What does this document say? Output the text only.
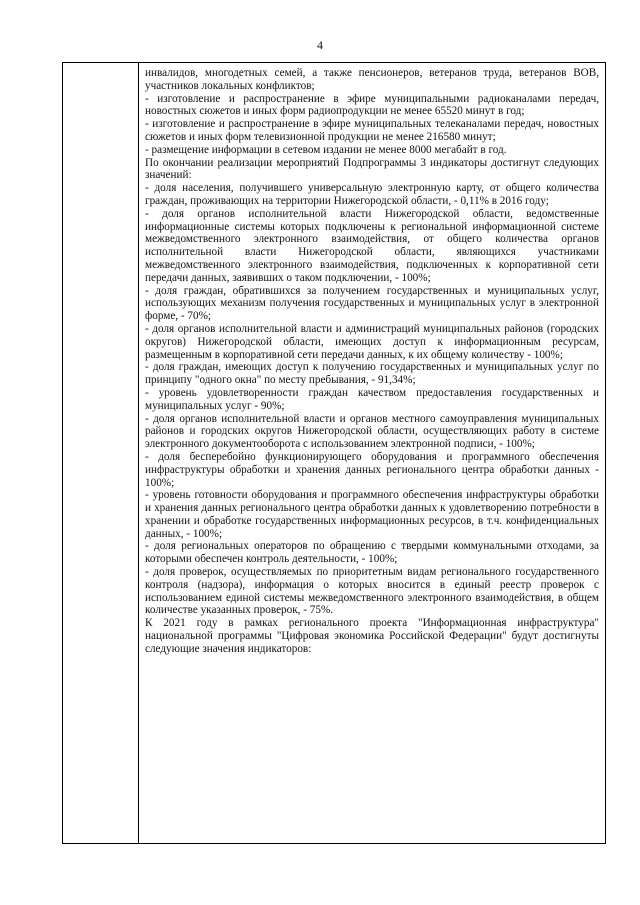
4

инвалидов, многодетных семей, а также пенсионеров, ветеранов труда, ветеранов ВОВ, участников локальных конфликтов;

- изготовление и распространение в эфире муниципальными радиоканалами передач, новостных сюжетов и иных форм радиопродукции не менее 65520 минут в год;

- изготовление и распространение в эфире муниципальных телеканалами передач, новостных сюжетов и иных форм телевизионной продукции не менее 216580 минут;

- размещение информации в сетевом издании не менее 8000 мегабайт в год.

По окончании реализации мероприятий Подпрограммы 3 индикаторы достигнут следующих значений:

- доля населения, получившего универсальную электронную карту, от общего количества граждан, проживающих на территории Нижегородской области, - 0,11% в 2016 году;

- доля органов исполнительной власти Нижегородской области, ведомственные информационные системы которых подключены к региональной информационной системе межведомственного электронного взаимодействия, от общего количества органов исполнительной власти Нижегородской области, являющихся участниками межведомственного электронного взаимодействия, подключенных к корпоративной сети передачи данных, заявивших о таком подключении, - 100%;

- доля граждан, обратившихся за получением государственных и муниципальных услуг, использующих механизм получения государственных и муниципальных услуг в электронной форме, - 70%;

- доля органов исполнительной власти и администраций муниципальных районов (городских округов) Нижегородской области, имеющих доступ к информационным ресурсам, размещенным в корпоративной сети передачи данных, к их общему количеству - 100%;

- доля граждан, имеющих доступ к получению государственных и муниципальных услуг по принципу "одного окна" по месту пребывания, - 91,34%;

- уровень удовлетворенности граждан качеством предоставления государственных и муниципальных услуг - 90%;

- доля органов исполнительной власти и органов местного самоуправления муниципальных районов и городских округов Нижегородской области, осуществляющих работу в системе электронного документооборота с использованием электронной подписи, - 100%;

- доля бесперебойно функционирующего оборудования и программного обеспечения инфраструктуры обработки и хранения данных регионального центра обработки данных - 100%;

- уровень готовности оборудования и программного обеспечения инфраструктуры обработки и хранения данных регионального центра обработки данных к удовлетворению потребности в хранении и обработке государственных информационных ресурсов, в т.ч. конфиденциальных данных, - 100%;

- доля региональных операторов по обращению с твердыми коммунальными отходами, за которыми обеспечен контроль деятельности, - 100%;

- доля проверок, осуществляемых по приоритетным видам регионального государственного контроля (надзора), информация о которых вносится в единый реестр проверок с использованием единой системы межведомственного электронного взаимодействия, в общем количестве указанных проверок, - 75%.

К 2021 году в рамках регионального проекта "Информационная инфраструктура" национальной программы "Цифровая экономика Российской Федерации" будут достигнуты следующие значения индикаторов:
